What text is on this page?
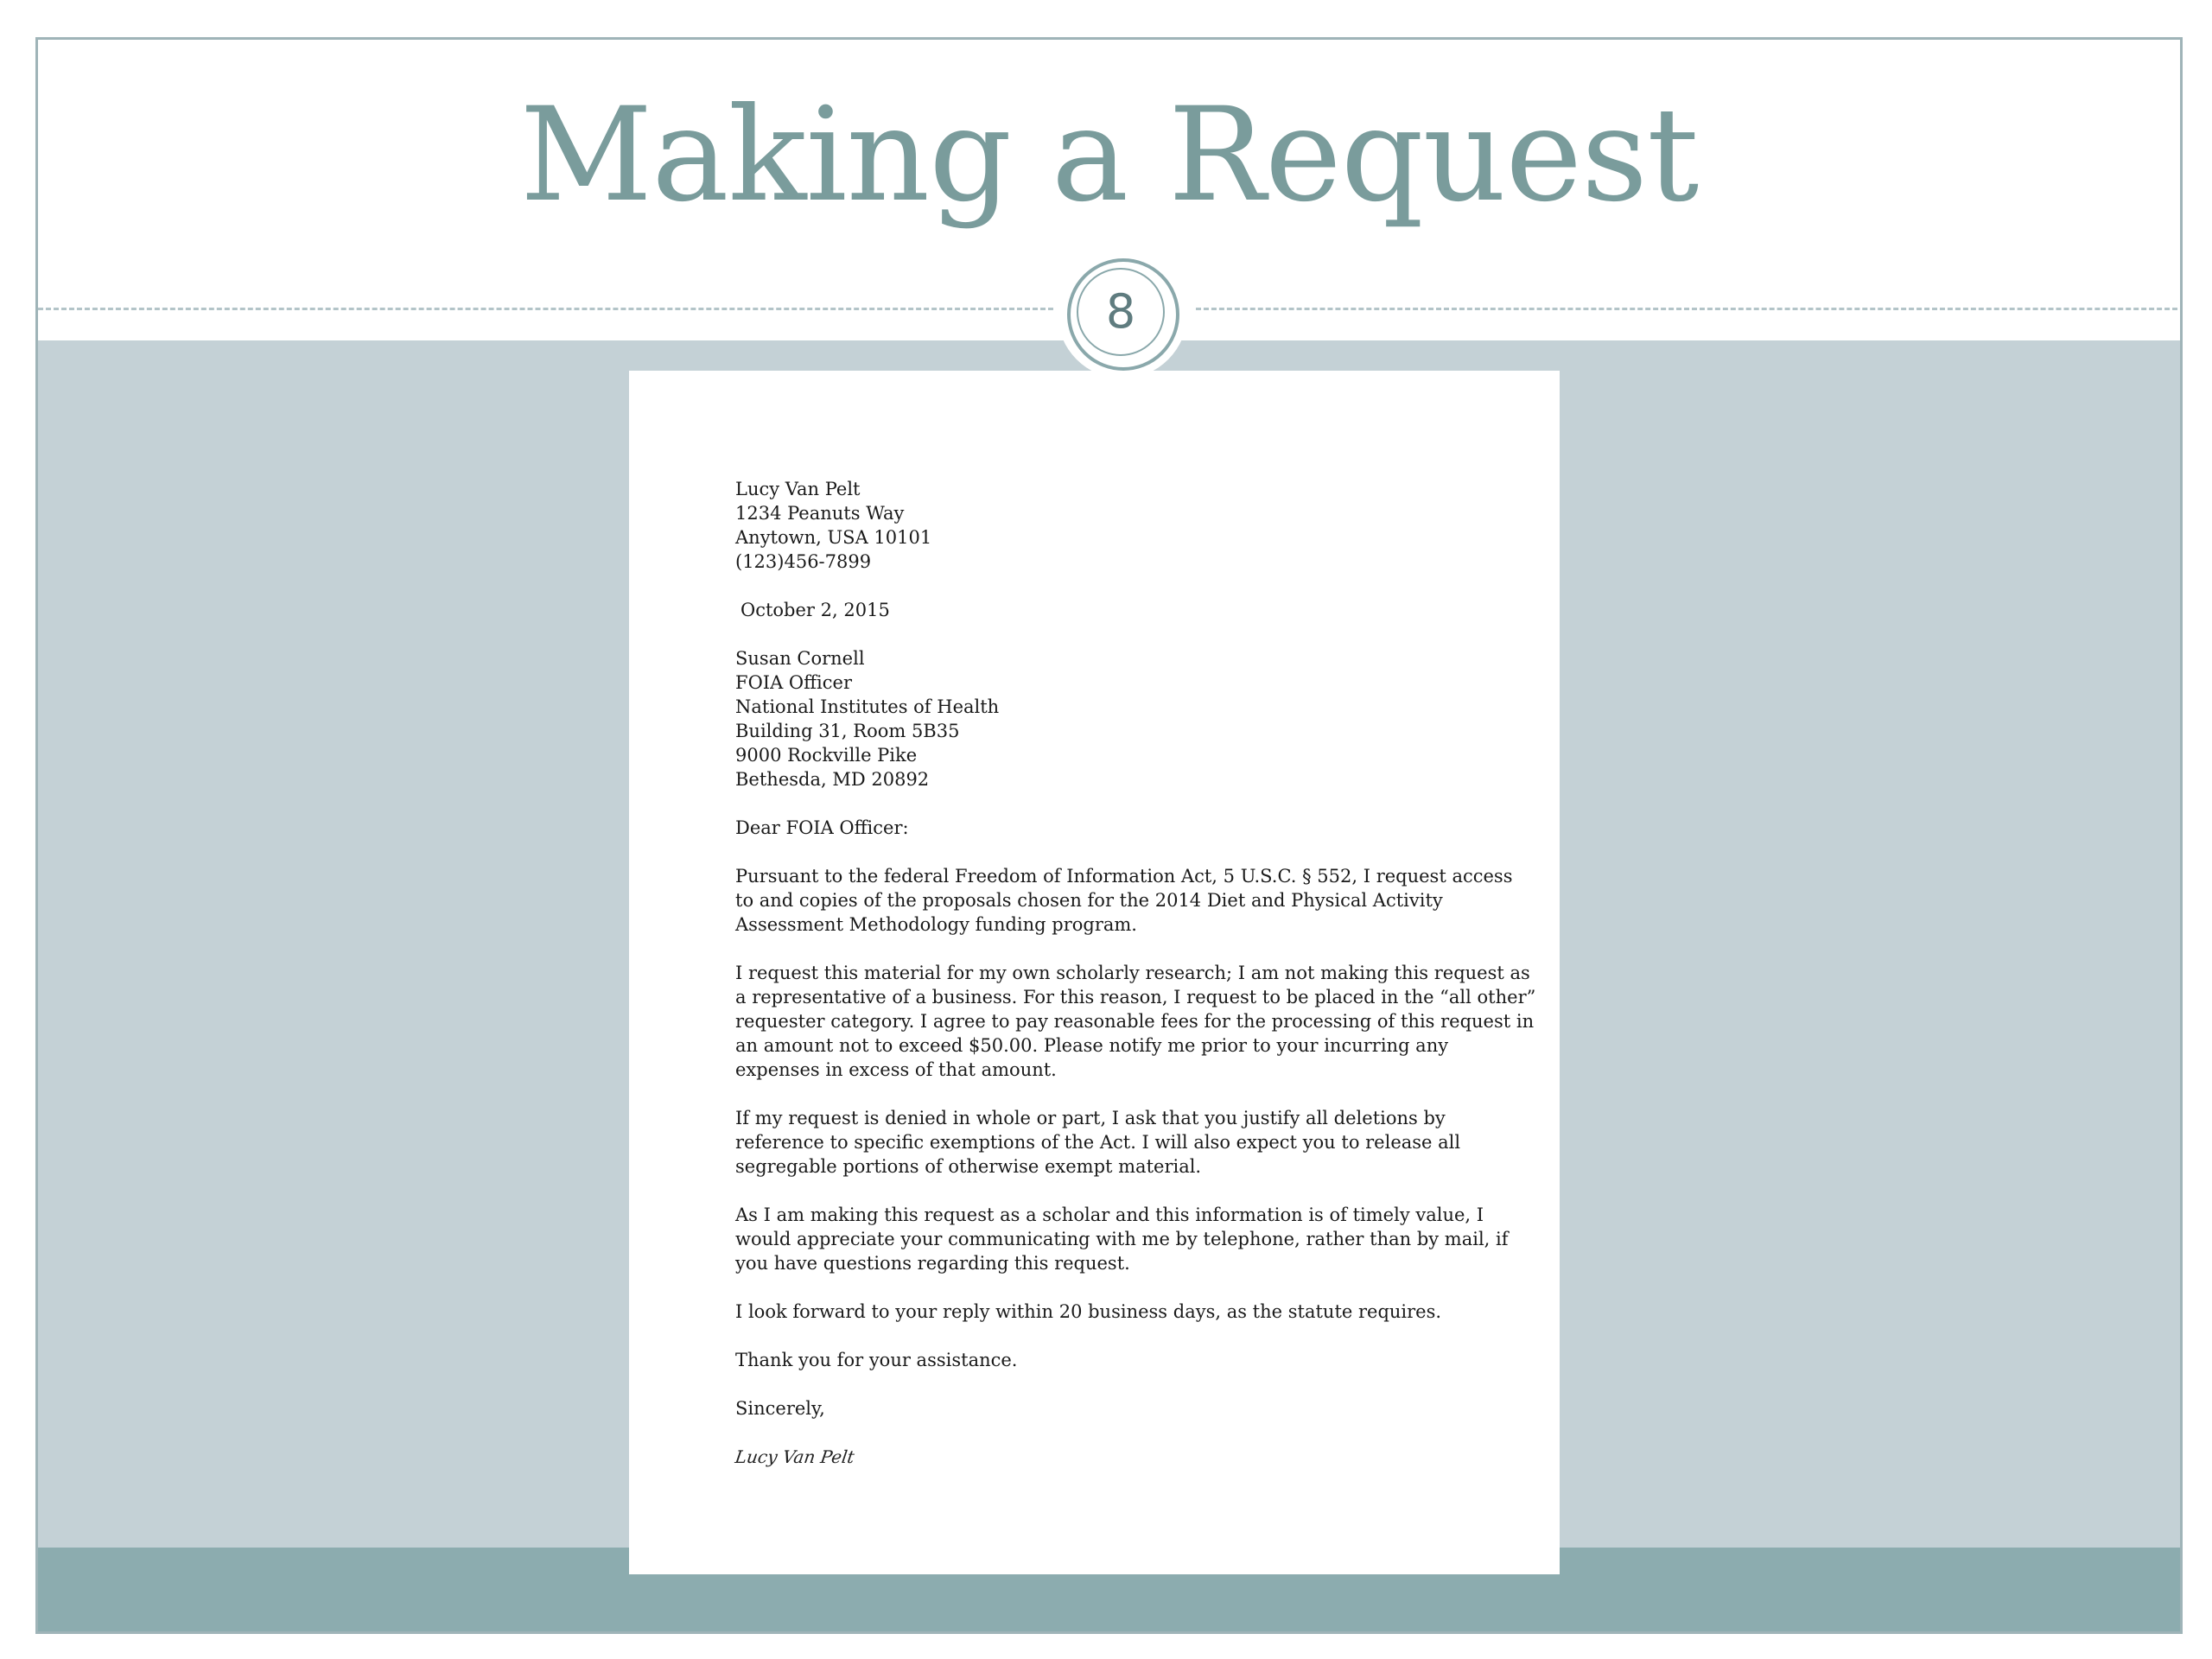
Making a Request
8
Lucy Van Pelt
1234 Peanuts Way
Anytown, USA 10101
(123)456-7899
October 2, 2015
Susan Cornell
FOIA Officer
National Institutes of Health
Building 31, Room 5B35
9000 Rockville Pike
Bethesda, MD 20892
Dear FOIA Officer:
Pursuant to the federal Freedom of Information Act, 5 U.S.C. § 552, I request access
to and copies of the proposals chosen for the 2014 Diet and Physical Activity
Assessment Methodology funding program.
I request this material for my own scholarly research; I am not making this request as
a representative of a business. For this reason, I request to be placed in the “all other”
requester category. I agree to pay reasonable fees for the processing of this request in
an amount not to exceed $50.00. Please notify me prior to your incurring any
expenses in excess of that amount.
If my request is denied in whole or part, I ask that you justify all deletions by
reference to specific exemptions of the Act. I will also expect you to release all
segregable portions of otherwise exempt material.
As I am making this request as a scholar and this information is of timely value, I
would appreciate your communicating with me by telephone, rather than by mail, if
you have questions regarding this request.
I look forward to your reply within 20 business days, as the statute requires.
Thank you for your assistance.
Sincerely,
Lucy Van Pelt
